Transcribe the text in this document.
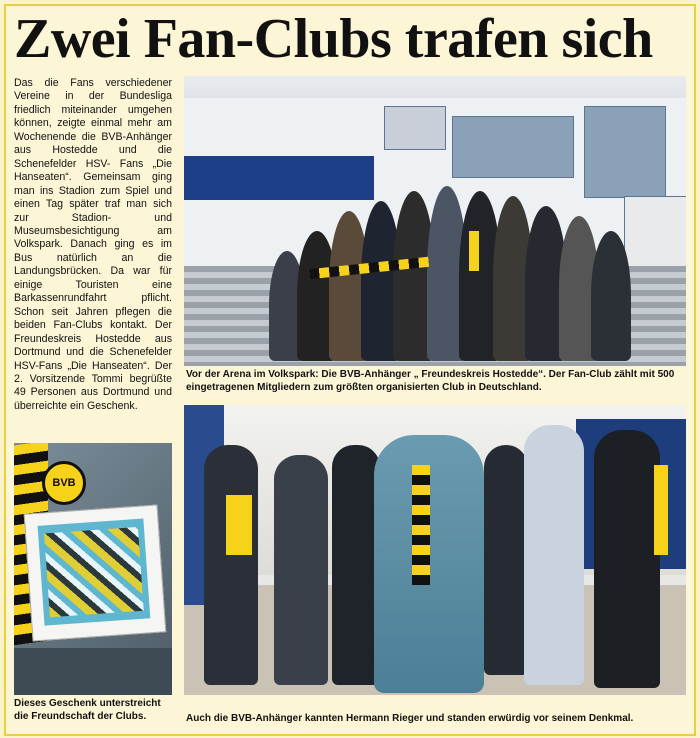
Zwei Fan-Clubs trafen sich
Das die Fans verschiedener Vereine in der Bundesliga friedlich miteinander umgehen können, zeigte einmal mehr am Wochenende die BVB-Anhänger aus Hostedde und die Schenefelder HSV- Fans „Die Hanseaten“. Gemeinsam ging man ins Stadion zum Spiel und einen Tag später traf man sich zur Stadion- und Museumsbesichtigung am Volkspark. Danach ging es im Bus natürlich an die Landungsbrücken. Da war für einige Touristen eine Barkassenrundfahrt pflicht. Schon seit Jahren pflegen die beiden Fan-Clubs kontakt. Der Freundeskreis Hostedde aus Dortmund und die Schenefelder HSV-Fans „Die Hanseaten“. Der 2. Vorsitzende Tommi begrüßte 49 Personen aus Dortmund und überreichte ein Geschenk.
Vor der Arena im Volkspark: Die BVB-Anhänger „ Freundeskreis Hostedde“. Der Fan-Club zählt mit 500 eingetragenen Mitgliedern zum größten organisierten Club in Deutschland.
BVB
Dieses Geschenk unterstreicht die Freundschaft der Clubs.	Auch die BVB-Anhänger kannten Hermann Rieger und standen erwürdig vor seinem Denkmal.
